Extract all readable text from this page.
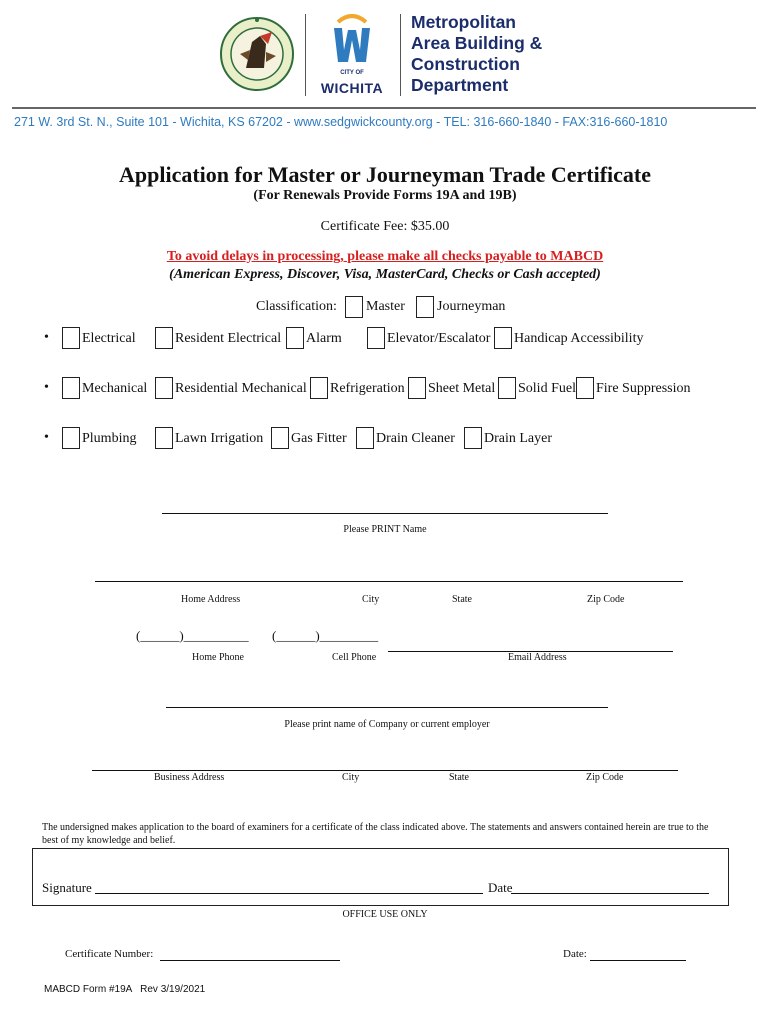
CITY OF
WICHITA
Metropolitan
Area Building &
Construction
Department
271 W. 3rd St. N., Suite 101 - Wichita, KS 67202 - www.sedgwickcounty.org - TEL: 316-660-1840 - FAX:316-660-1810
Application for Master or Journeyman Trade Certificate
(For Renewals Provide Forms 19A and 19B)
Certificate Fee: $35.00
To avoid delays in processing, please make all checks payable to MABCD
(American Express, Discover, Visa, MasterCard, Checks or Cash accepted)
Classification: Master Journeyman
• Electrical	Resident Electrical Alarm	Elevator/Escalator Handicap Accessibility
• Mechanical Residential Mechanical Refrigeration Sheet Metal Solid Fuel Fire Suppression
• Plumbing	Lawn Irrigation Gas Fitter Drain Cleaner Drain Layer
Please PRINT Name
Home Address	City	State	Zip Code
(______)__________ (______)_________
Home Phone	Cell Phone	Email Address
Please print name of Company or current employer
Business Address	City	State	Zip Code
The undersigned makes application to the board of examiners for a certificate of the class indicated above. The statements and answers contained herein are true to the best of my knowledge and belief.
Signature	Date
OFFICE USE ONLY
Certificate Number:	Date:
MABCD Form #19A   Rev 3/19/2021
